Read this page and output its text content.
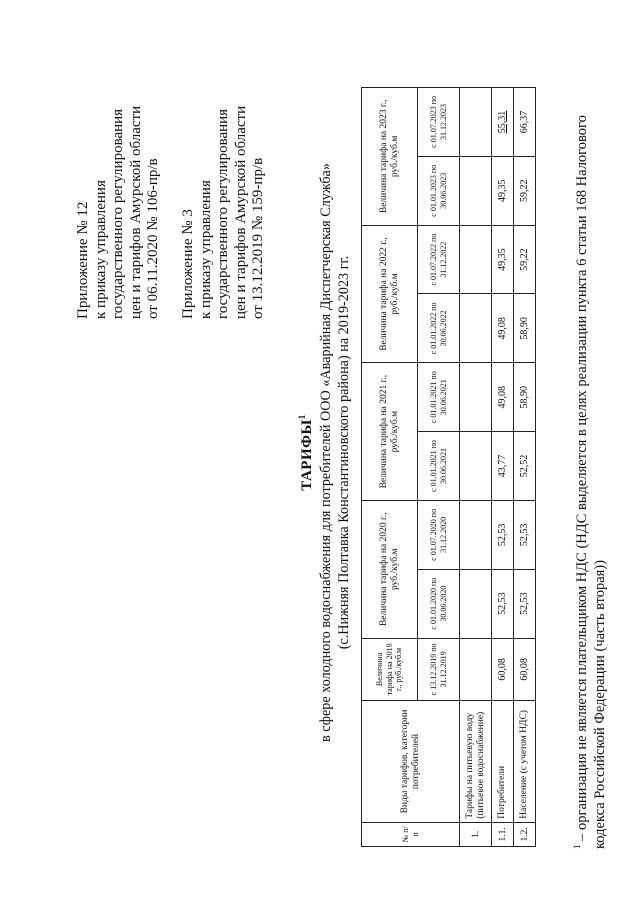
Приложение № 12 к приказу управления государственного регулирования цен и тарифов Амурской области от 06.11.2020 № 106-пр/в Приложение № 3 к приказу управления государственного регулирования цен и тарифов Амурской области от 13.12.2019 № 159-пр/в
ТАРИФЫ$^1$ в сфере холодного водоснабжения для потребителей ООО «Аварийная Диспетчерская Служба» (с.Нижняя Полтавка Константиновского района) на 2019-2023 гг.
№ п/п	Виды тарифов, категории потребителей	Величина тарифа на 2019 г., руб./куб.м	Величина тарифа на 2020 г., руб./куб.м		Величина тарифа на 2021 г., руб./куб.м		Величина тарифа на 2022 г., руб./куб.м		Величина тарифа на 2023 г., руб./куб.м	
		с 13.12.2019 по 31.12.2019	с 01.01.2020 по 30.06.2020	с 01.07.2020 по 31.12.2020	с 01.01.2021 по 30.06.2021	с 01.01.2021 по 30.06.2021	с 01.01.2022 по 30.06.2022	с 01.07.2022 по 31.12.2022	с 01.01.2023 по 30.06.2023	с 01.07.2023 по 31.12.2023
1.	Тарифы на питьевую воду (питьевое водоснабжение)									
1.1.	Потребители	60,08	52,53	52,53	43,77	49,08	49,08	49,35	49,35	55,31
1.2.	Население (с учетом НДС)	60,08	52,53	52,53	52,52	58,90	58,90	59,22	59,22	66,37
$^1$ – организация не является плательщиком НДС (НДС выделяется в целях реализации пункта 6 статьи 168 Налогового кодекса Российской Федерации (часть вторая))
